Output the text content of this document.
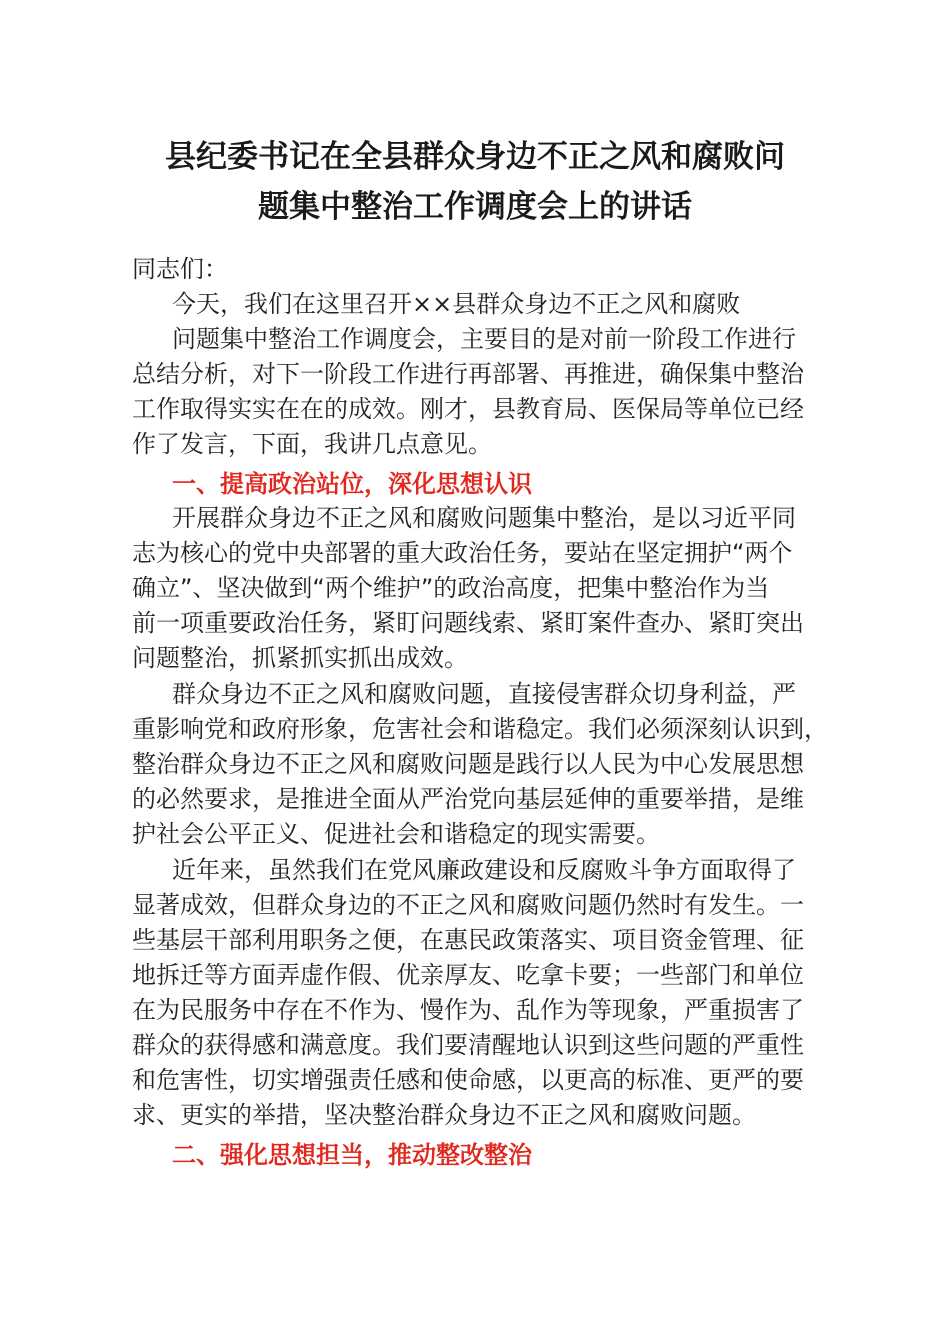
县纪委书记在全县群众身边不正之风和腐败问
题集中整治工作调度会上的讲话
同志们：
今天，我们在这里召开××县群众身边不正之风和腐败
问题集中整治工作调度会，主要目的是对前一阶段工作进行
总结分析，对下一阶段工作进行再部署、再推进，确保集中整治
工作取得实实在在的成效。刚才，县教育局、医保局等单位已经
作了发言，下面，我讲几点意见。
一、提高政治站位，深化思想认识
开展群众身边不正之风和腐败问题集中整治，是以习近平同
志为核心的党中央部署的重大政治任务，要站在坚定拥护“两个
确立”、坚决做到“两个维护”的政治高度，把集中整治作为当
前一项重要政治任务，紧盯问题线索、紧盯案件查办、紧盯突出
问题整治，抓紧抓实抓出成效。
群众身边不正之风和腐败问题，直接侵害群众切身利益，严
重影响党和政府形象，危害社会和谐稳定。我们必须深刻认识到，
整治群众身边不正之风和腐败问题是践行以人民为中心发展思想
的必然要求，是推进全面从严治党向基层延伸的重要举措，是维
护社会公平正义、促进社会和谐稳定的现实需要。
近年来，虽然我们在党风廉政建设和反腐败斗争方面取得了
显著成效，但群众身边的不正之风和腐败问题仍然时有发生。一
些基层干部利用职务之便，在惠民政策落实、项目资金管理、征
地拆迁等方面弄虚作假、优亲厚友、吃拿卡要；一些部门和单位
在为民服务中存在不作为、慢作为、乱作为等现象，严重损害了
群众的获得感和满意度。我们要清醒地认识到这些问题的严重性
和危害性，切实增强责任感和使命感，以更高的标准、更严的要
求、更实的举措，坚决整治群众身边不正之风和腐败问题。
二、强化思想担当，推动整改整治
